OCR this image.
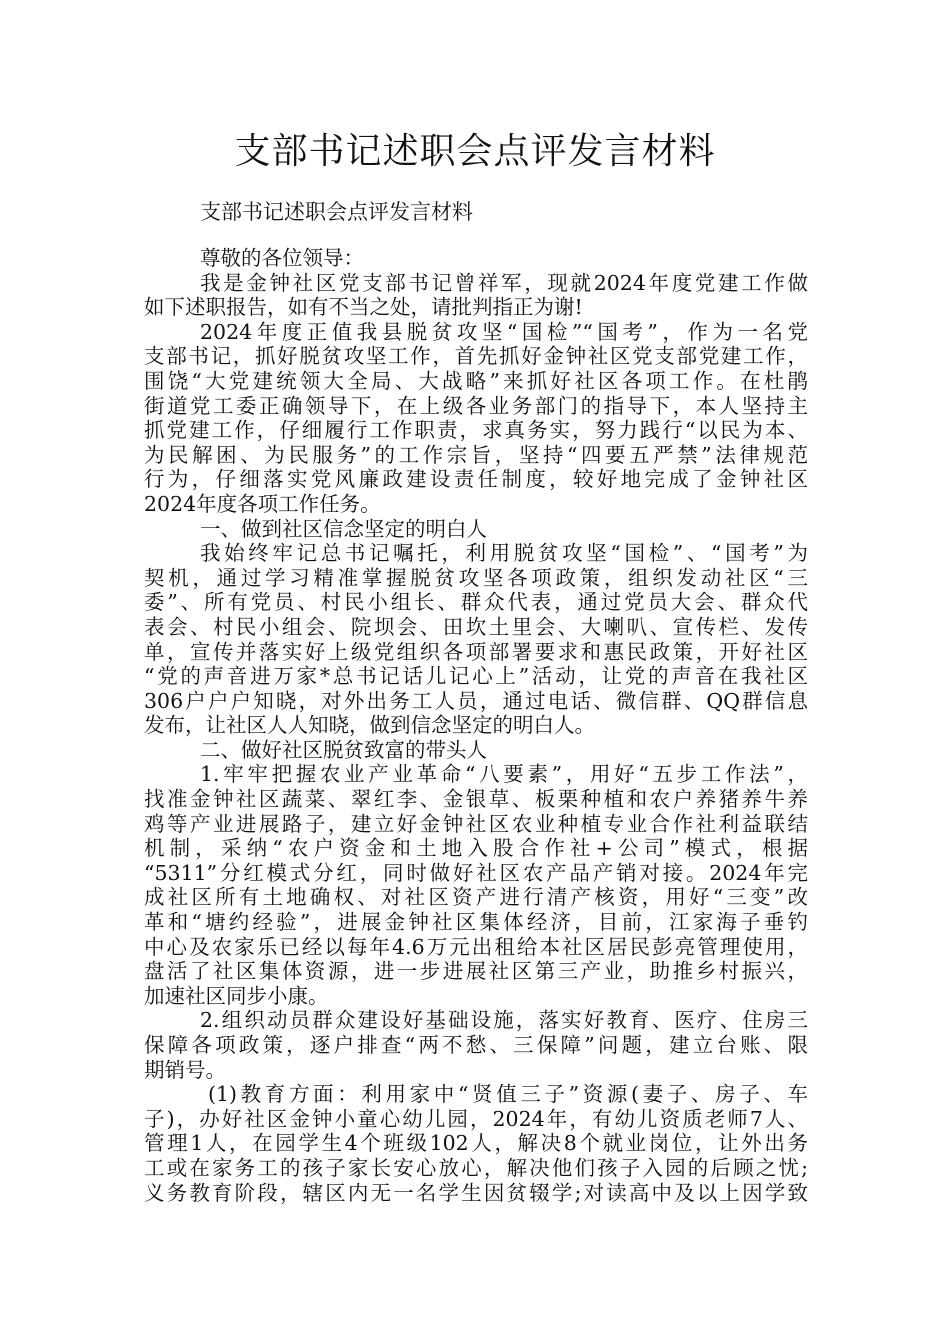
支部书记述职会点评发言材料

支部书记述职会点评发言材料

尊敬的各位领导：
我是金钟社区党支部书记曾祥军，现就2024年度党建工作做
如下述职报告，如有不当之处，请批判指正为谢!
2024年度正值我县脱贫攻坚“国检”“国考”，作为一名党
支部书记，抓好脱贫攻坚工作，首先抓好金钟社区党支部党建工作，
围饶“大党建统领大全局、大战略”来抓好社区各项工作。在杜鹃
街道党工委正确领导下，在上级各业务部门的指导下，本人坚持主
抓党建工作，仔细履行工作职责，求真务实，努力践行“以民为本、
为民解困、为民服务”的工作宗旨，坚持“四要五严禁”法律规范
行为，仔细落实党风廉政建设责任制度，较好地完成了金钟社区
2024年度各项工作任务。
一、做到社区信念坚定的明白人
我始终牢记总书记嘱托，利用脱贫攻坚“国检”、“国考”为
契机，通过学习精准掌握脱贫攻坚各项政策，组织发动社区“三
委”、所有党员、村民小组长、群众代表，通过党员大会、群众代
表会、村民小组会、院坝会、田坎土里会、大喇叭、宣传栏、发传
单，宣传并落实好上级党组织各项部署要求和惠民政策，开好社区
“党的声音进万家*总书记话儿记心上”活动，让党的声音在我社区
306户户户知晓，对外出务工人员，通过电话、微信群、QQ群信息
发布，让社区人人知晓，做到信念坚定的明白人。
二、做好社区脱贫致富的带头人
1.牢牢把握农业产业革命“八要素”，用好“五步工作法”，
找准金钟社区蔬菜、翠红李、金银草、板栗种植和农户养猪养牛养
鸡等产业进展路子，建立好金钟社区农业种植专业合作社利益联结
机制，采纳“农户资金和土地入股合作社+公司”模式，根据
“5311”分红模式分红，同时做好社区农产品产销对接。2024年完
成社区所有土地确权、对社区资产进行清产核资，用好“三变”改
革和“塘约经验”，进展金钟社区集体经济，目前，江家海子垂钓
中心及农家乐已经以每年4.6万元出租给本社区居民彭亮管理使用，
盘活了社区集体资源，进一步进展社区第三产业，助推乡村振兴，
加速社区同步小康。
2.组织动员群众建设好基础设施，落实好教育、医疗、住房三
保障各项政策，逐户排查“两不愁、三保障”问题，建立台账、限
期销号。
(1)教育方面：利用家中“贤值三子”资源(妻子、房子、车
子)，办好社区金钟小童心幼儿园，2024年，有幼儿资质老师7人、
管理1人，在园学生4个班级102人，解决8个就业岗位，让外出务
工或在家务工的孩子家长安心放心，解决他们孩子入园的后顾之忧;
义务教育阶段，辖区内无一名学生因贫辍学;对读高中及以上因学致
